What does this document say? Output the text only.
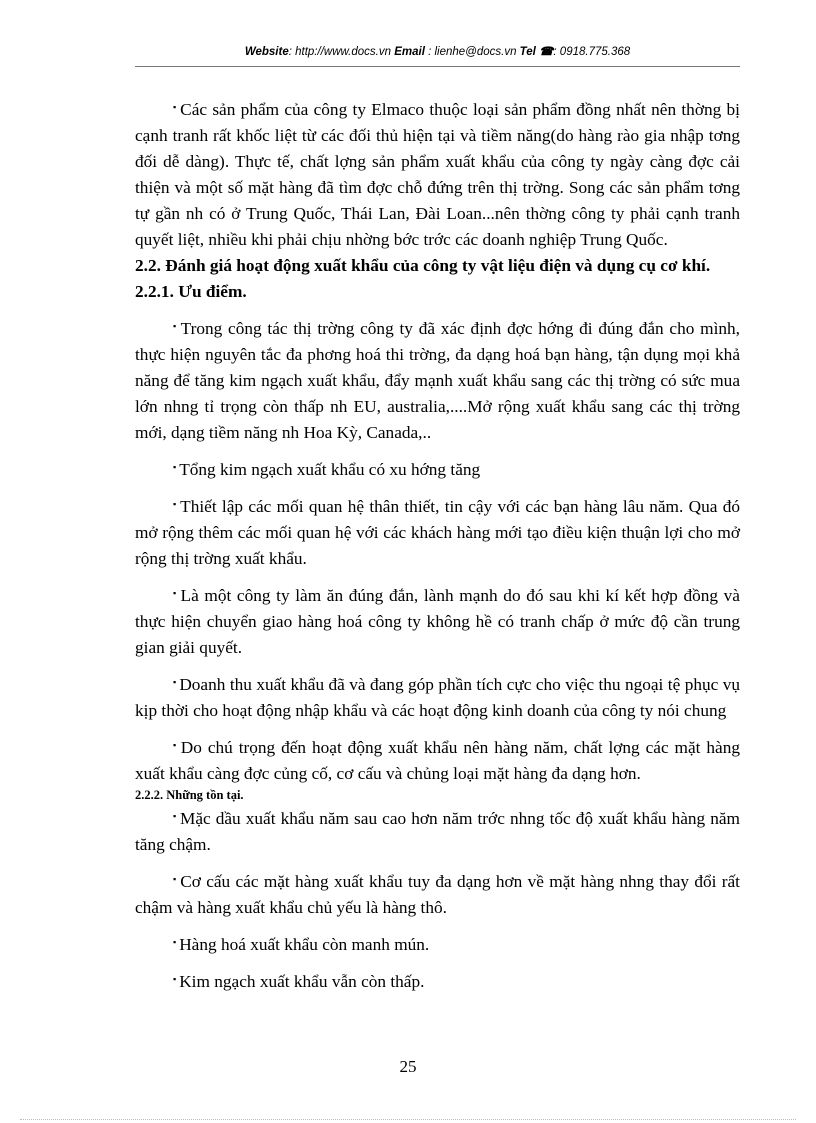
Website: http://www.docs.vn Email : lienhe@docs.vn Tel ☎: 0918.775.368

▪ Các sản phẩm của công ty Elmaco thuộc loại sản phẩm đồng nhất nên thờng bị cạnh tranh rất khốc liệt từ các đối thủ hiện tại và tiềm năng(do hàng rào gia nhập tơng đối dễ dàng). Thực tế, chất lợng sản phẩm xuất khẩu của công ty ngày càng đợc cải thiện và một số mặt hàng đã tìm đợc chỗ đứng trên thị trờng. Song các sản phẩm tơng tự gần nh có ở Trung Quốc, Thái Lan, Đài Loan...nên thờng công ty phải cạnh tranh quyết liệt, nhiều khi phải chịu nhờng bớc trớc các doanh nghiệp Trung Quốc.

2.2. Đánh giá hoạt động xuất khẩu của công ty vật liệu điện và dụng cụ cơ khí.
2.2.1. Ưu điểm.

▪ Trong công tác thị trờng công ty đã xác định đợc hớng đi đúng đắn cho mình, thực hiện nguyên tắc đa phơng hoá thi trờng, đa dạng hoá bạn hàng, tận dụng mọi khả năng để tăng kim ngạch xuất khẩu, đẩy mạnh xuất khẩu sang các thị trờng có sức mua lớn nhng tỉ trọng còn thấp nh EU, australia,....Mở rộng xuất khẩu sang các thị trờng mới, dạng tiềm năng nh Hoa Kỳ, Canada,..

▪ Tổng kim ngạch xuất khẩu có xu hớng tăng

▪ Thiết lập các mối quan hệ thân thiết, tin cậy với các bạn hàng lâu năm. Qua đó mở rộng thêm các mối quan hệ với các khách hàng mới tạo điều kiện thuận lợi cho mở rộng thị trờng xuất khẩu.

▪ Là một công ty làm ăn đúng đắn, lành mạnh do đó sau khi kí kết hợp đồng và thực hiện chuyển giao hàng hoá công ty không hề có tranh chấp ở mức độ cần trung gian giải quyết.

▪ Doanh thu xuất khẩu đã và đang góp phần tích cực cho việc thu ngoại tệ phục vụ kịp thời cho hoạt động nhập khẩu và các hoạt động kinh doanh của công ty nói chung

▪ Do chú trọng đến hoạt động xuất khẩu nên hàng năm, chất lợng các mặt hàng xuất khẩu càng đợc củng cố, cơ cấu và chủng loại mặt hàng đa dạng hơn.

2.2.2. Những tồn tại.

▪ Mặc dầu xuất khẩu năm sau cao hơn năm trớc nhng tốc độ xuất khẩu hàng năm tăng chậm.

▪ Cơ cấu các mặt hàng xuất khẩu tuy đa dạng hơn về mặt hàng nhng thay đổi rất chậm và hàng xuất khẩu chủ yếu là hàng thô.

▪ Hàng hoá xuất khẩu còn manh mún.

▪ Kim ngạch xuất khẩu vẫn còn thấp.

25
